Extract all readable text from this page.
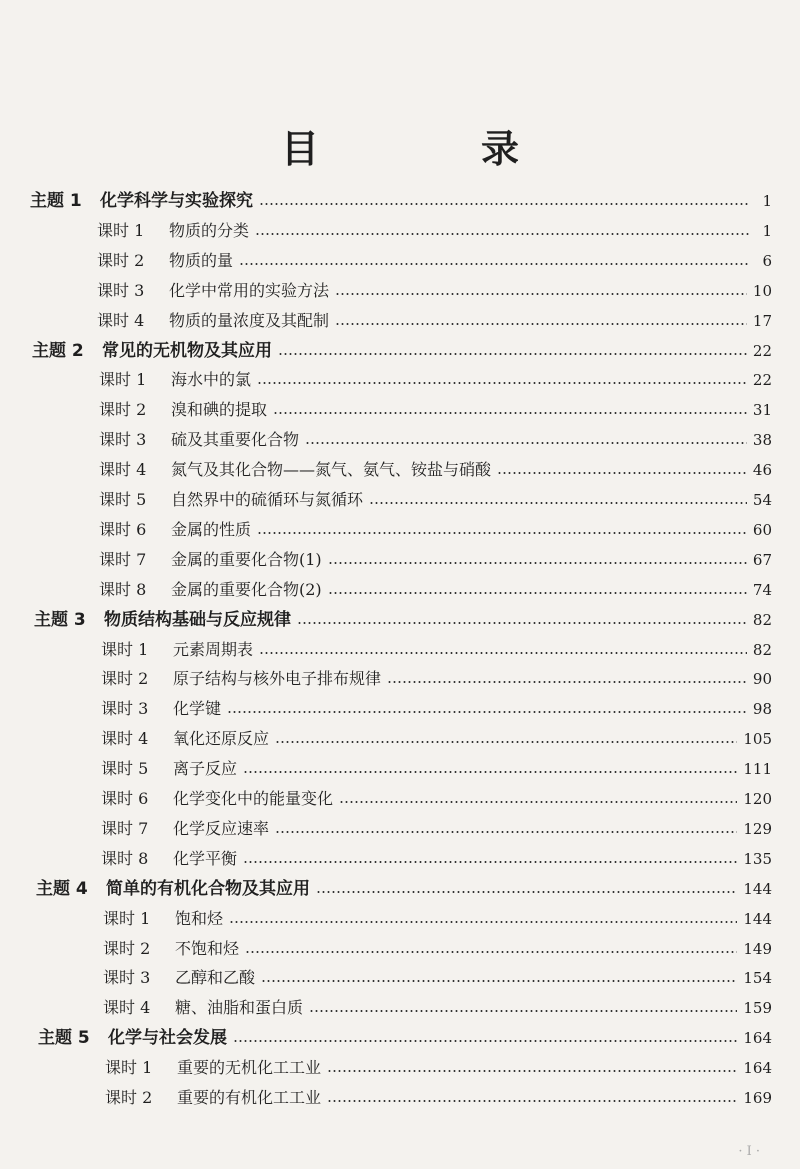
目　录
主题 1	化学科学与实验探究	1
课时 1	物质的分类	1
课时 2	物质的量	6
课时 3	化学中常用的实验方法	10
课时 4	物质的量浓度及其配制	17
主题 2	常见的无机物及其应用	22
课时 1	海水中的氯	22
课时 2	溴和碘的提取	31
课时 3	硫及其重要化合物	38
课时 4	氮气及其化合物——氮气、氨气、铵盐与硝酸	46
课时 5	自然界中的硫循环与氮循环	54
课时 6	金属的性质	60
课时 7	金属的重要化合物(1)	67
课时 8	金属的重要化合物(2)	74
主题 3	物质结构基础与反应规律	82
课时 1	元素周期表	82
课时 2	原子结构与核外电子排布规律	90
课时 3	化学键	98
课时 4	氧化还原反应	105
课时 5	离子反应	111
课时 6	化学变化中的能量变化	120
课时 7	化学反应速率	129
课时 8	化学平衡	135
主题 4	简单的有机化合物及其应用	144
课时 1	饱和烃	144
课时 2	不饱和烃	149
课时 3	乙醇和乙酸	154
课时 4	糖、油脂和蛋白质	159
主题 5	化学与社会发展	164
课时 1	重要的无机化工工业	164
课时 2	重要的有机化工工业	169
· I ·
